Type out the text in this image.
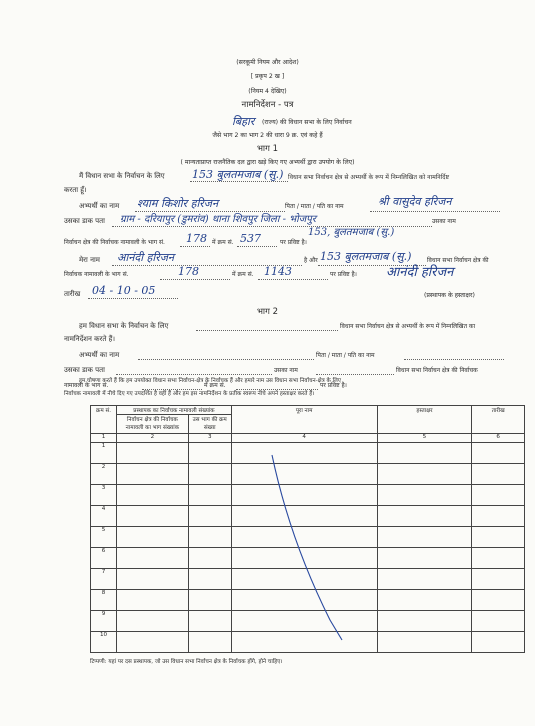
(सरकूमी नियम और आदेश)
[ प्रकृप 2 ख ]
(नियम 4 देखिए)
नामनिर्देशन - पत्र
बिहार (राज्य) की विधान सभा के लिए निर्वाचन
जैसे भाग 2 का भाग 2 की धारा 9 क्र. एवं कहे हैं
भाग 1
( मान्यताप्राप्त राजनैतिक दल द्वारा खड़े किए गए अभ्यर्थी द्वारा उपयोग के लिए)
मैं विधान सभा के निर्वाचन के लिए 153 बुलतमजाब (सु.) विधान सभा निर्वाचन क्षेत्र से अभ्यर्थी के रूप में निम्नलिखित को नामनिर्दिष्ट
करता हूँ।
अभ्यर्थी का नाम श्याम किशोर हरिजन	पिता / माता / पति का नाम	श्री वासुदेव हरिजन
उसका डाक पता ग्राम - दरियापुर (डुमरांव) थाना शिवपुर जिला - भोजपुर	उसका नाम
153, बुलतमजाब (सु.)
निर्वाचन क्षेत्र की निर्वाचक नामावली के भाग सं. 178 में क्रम सं. 537	पर प्रविष्ट है।
मेरा नाम आनंदी हरिजन	है और 153 बुलतमजाब (सु.)	विधान सभा निर्वाचन क्षेत्र की
निर्वाचक नामावली के भाग सं.	178	में क्रम सं. 1143	पर प्रविष्ट है। आनंदी हरिजन
तारीख 04 - 10 - 05	(प्रस्थापक के हस्ताक्षर)
भाग 2
हम विधान सभा के निर्वाचन के लिए	विधान सभा निर्वाचन क्षेत्र से अभ्यर्थी के रूप में निम्नलिखित का
नामनिर्देशन करते हैं।
अभ्यर्थी का नाम	पिता / माता / पति का नाम
उसका डाक पता	उसका नाम	विधान सभा निर्वाचन क्षेत्र की निर्वाचक
नामावली के भाग सं.	में क्रम सं.	पर प्रविष्ट है।
हम घोषणा करते हैं कि हम उपयोक्त विधान सभा निर्वाचन-क्षेत्र के निर्वाचक हैं और हमारे नाम उस विधान सभा निर्वाचन-क्षेत्र के लिए
क्रम सं.	प्रस्थापक का निर्वाचक नामावली संख्यांक		पूरा नाम	हस्ताक्षर	तारीख
	निर्वाचन क्षेत्र की निर्वाचक नामावली का भाग संख्यांक	उस भाग की क्रम संख्या			
1	2	3	4	5	6
1					
2					
3					
4					
5					
6					
7					
8					
9					
10					
टिप्पणी: यहां पर दस प्रस्थापक, जो उस विधान सभा निर्वाचन क्षेत्र के निर्वाचक होंगे, होने चाहिए।
निर्वाचक नामावली में नीचे दिए गए उपदर्शित है वहीं हैं और हम इस नामनिर्देशन के प्रतीक स्वरूप नीचे अपने हस्ताक्षर करते हैं।
